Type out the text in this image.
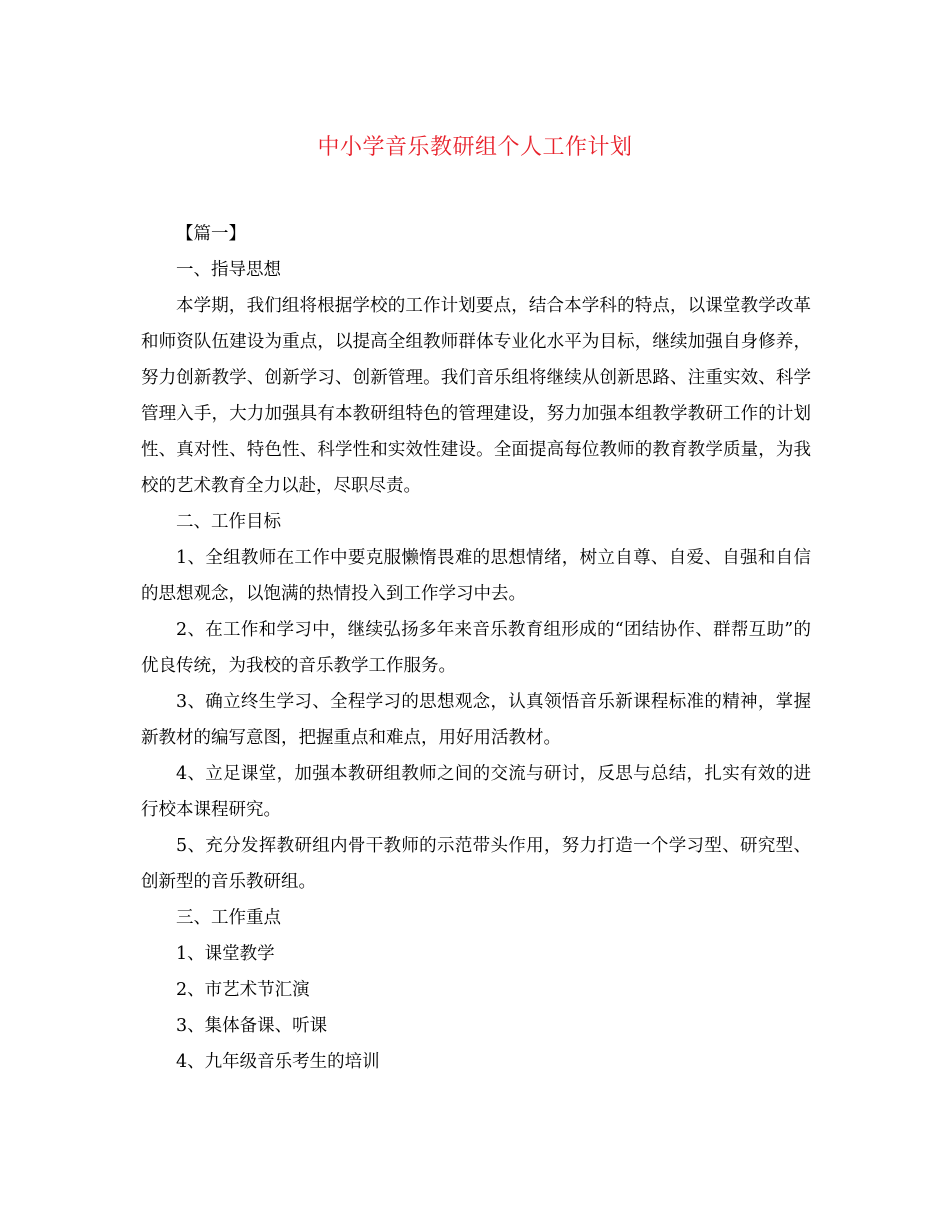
中小学音乐教研组个人工作计划

【篇一】

一、指导思想

本学期，我们组将根据学校的工作计划要点，结合本学科的特点，以课堂教学改革和师资队伍建设为重点，以提高全组教师群体专业化水平为目标，继续加强自身修养，努力创新教学、创新学习、创新管理。我们音乐组将继续从创新思路、注重实效、科学管理入手，大力加强具有本教研组特色的管理建设，努力加强本组教学教研工作的计划性、真对性、特色性、科学性和实效性建设。全面提高每位教师的教育教学质量，为我校的艺术教育全力以赴，尽职尽责。

二、工作目标

1、全组教师在工作中要克服懒惰畏难的思想情绪，树立自尊、自爱、自强和自信的思想观念，以饱满的热情投入到工作学习中去。

2、在工作和学习中，继续弘扬多年来音乐教育组形成的“团结协作、群帮互助”的优良传统，为我校的音乐教学工作服务。

3、确立终生学习、全程学习的思想观念，认真领悟音乐新课程标准的精神，掌握新教材的编写意图，把握重点和难点，用好用活教材。

4、立足课堂，加强本教研组教师之间的交流与研讨，反思与总结，扎实有效的进行校本课程研究。

5、充分发挥教研组内骨干教师的示范带头作用，努力打造一个学习型、研究型、创新型的音乐教研组。

三、工作重点

1、课堂教学

2、市艺术节汇演

3、集体备课、听课

4、九年级音乐考生的培训
